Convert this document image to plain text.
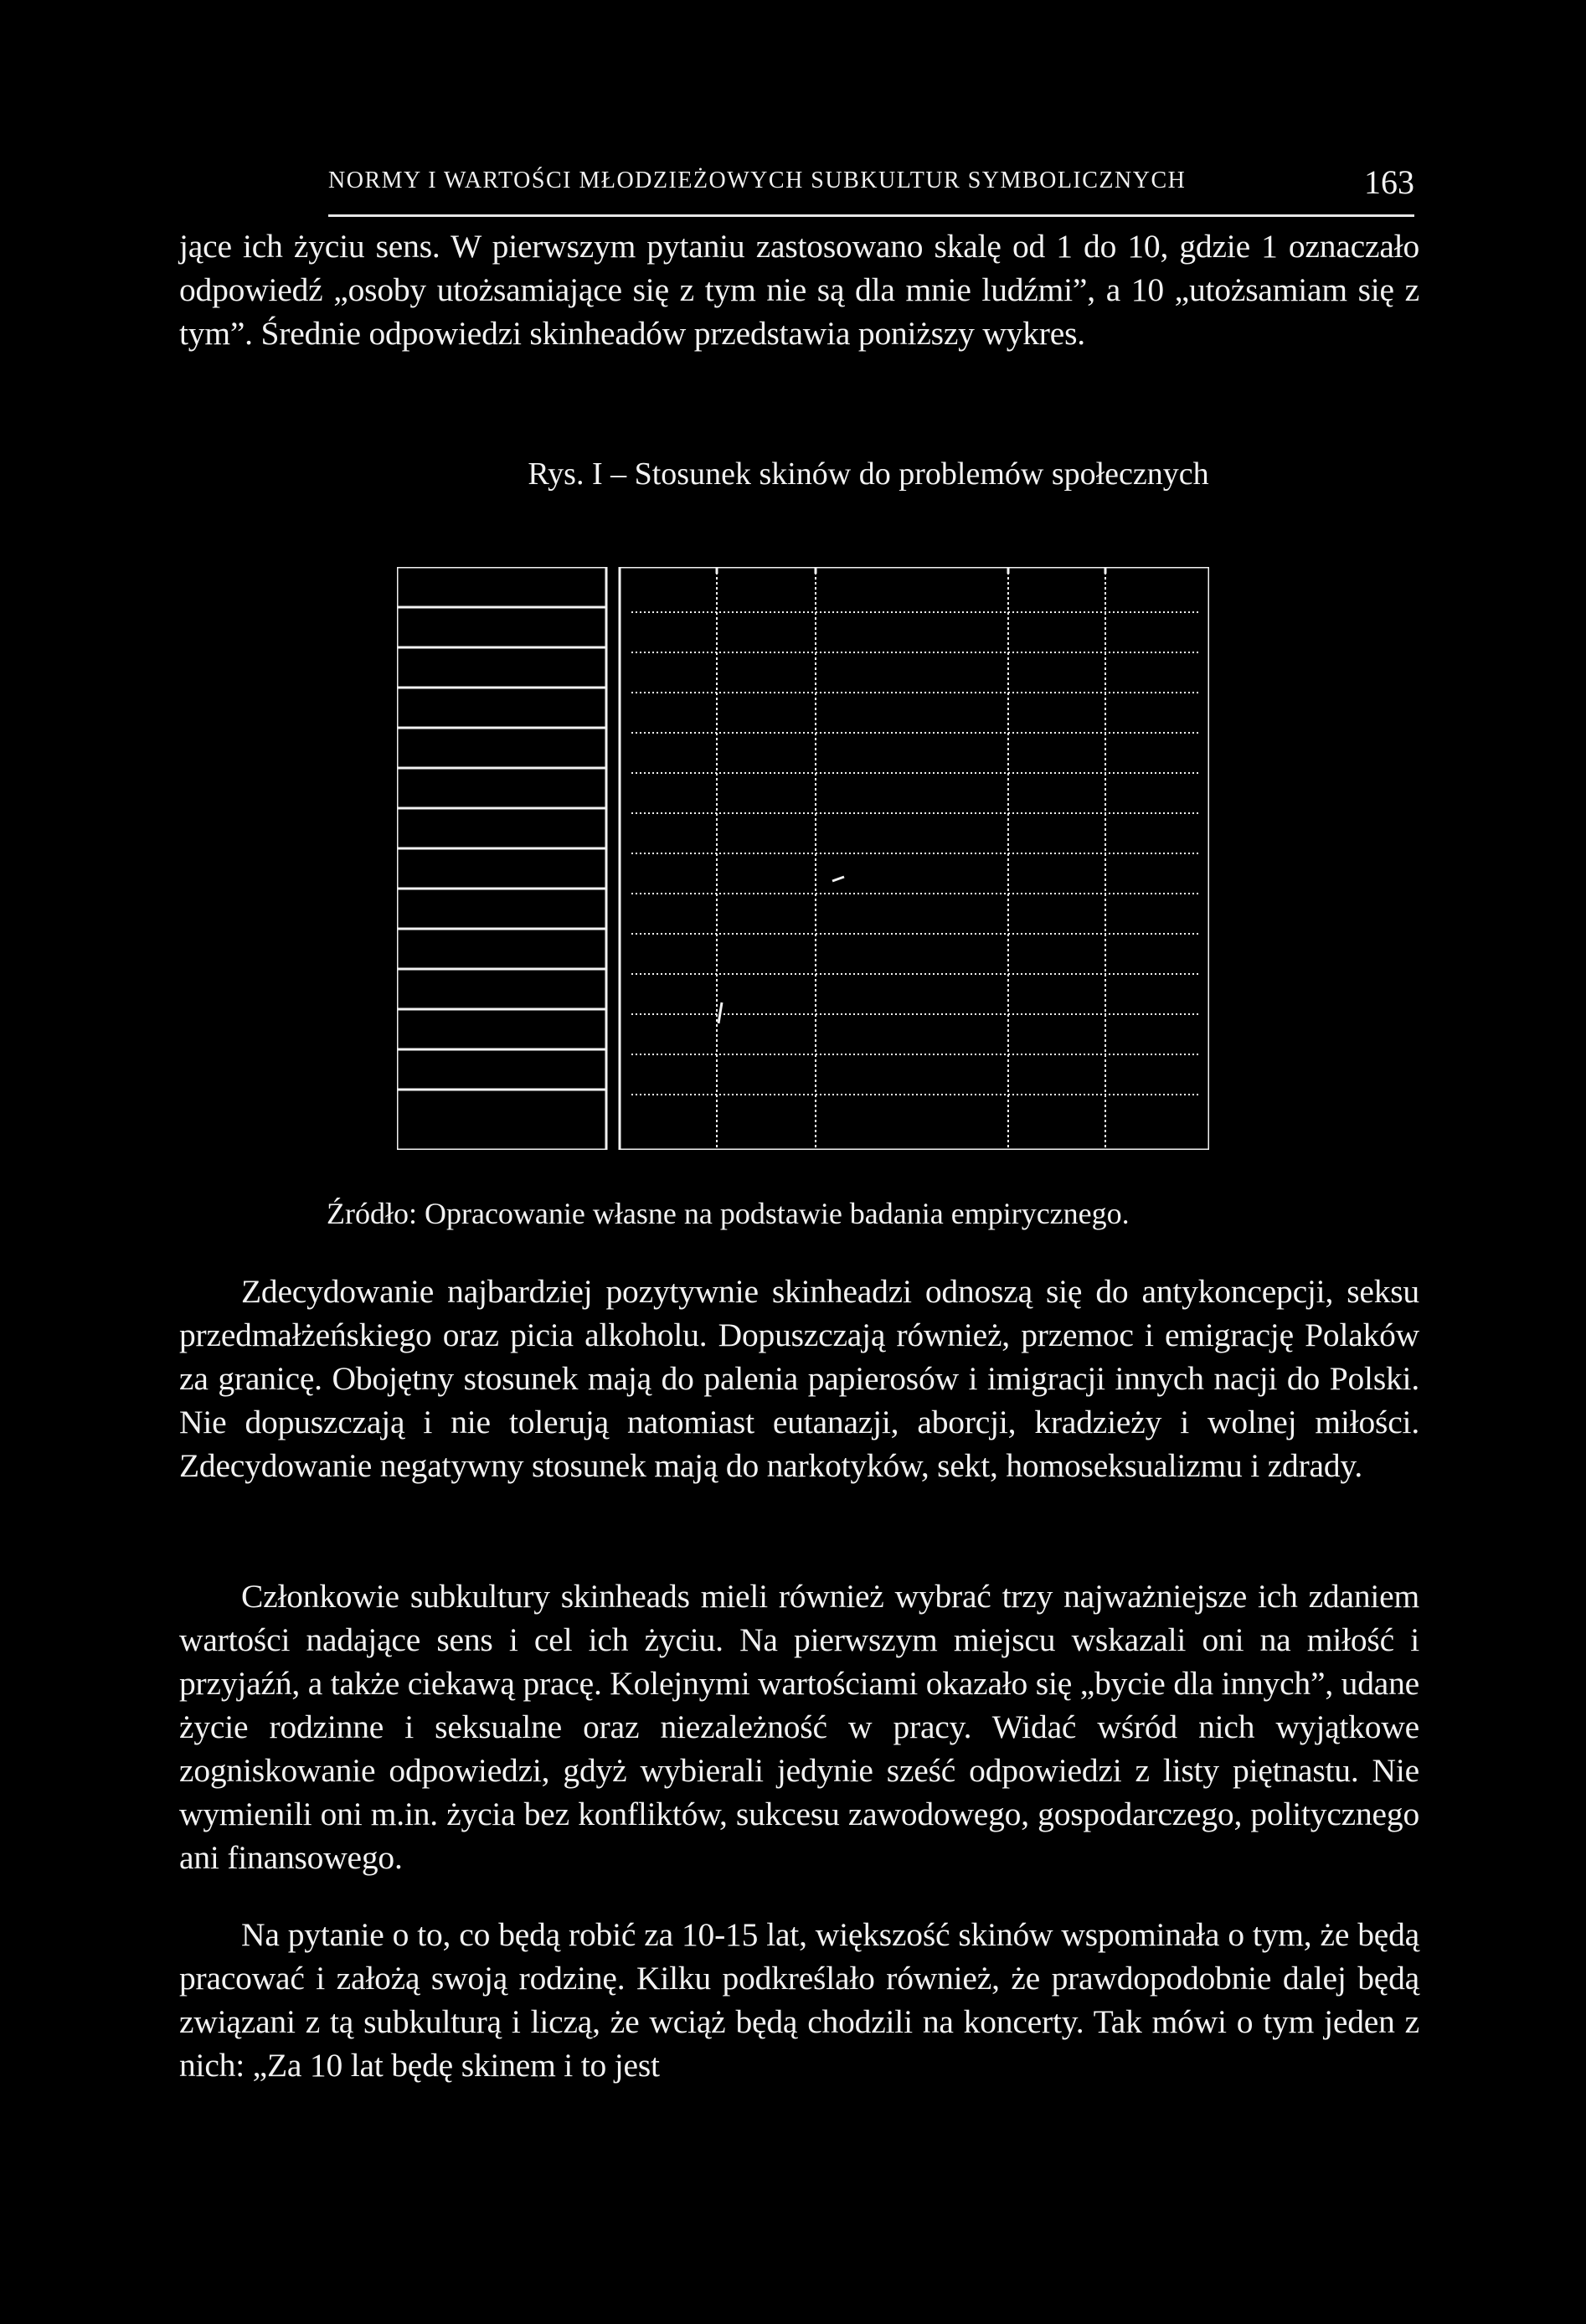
NORMY I WARTOŚCI MŁODZIEŻOWYCH SUBKULTUR SYMBOLICZNYCH	163

jące ich życiu sens. W pierwszym pytaniu zastosowano skalę od 1 do 10, gdzie 1 oznaczało odpowiedź „osoby utożsamiające się z tym nie są dla mnie ludźmi”, a 10 „utożsamiam się z tym”. Średnie odpowiedzi skinheadów przedstawia poniższy wykres.

Rys. I – Stosunek skinów do problemów społecznych
Źródło: Opracowanie własne na podstawie badania empirycznego.

Zdecydowanie najbardziej pozytywnie skinheadzi odnoszą się do antykoncepcji, seksu przedmałżeńskiego oraz picia alkoholu. Dopuszczają również, przemoc i emigrację Polaków za granicę. Obojętny stosunek mają do palenia papierosów i imigracji innych nacji do Polski. Nie dopuszczają i nie tolerują natomiast eutanazji, aborcji, kradzieży i wolnej miłości. Zdecydowanie negatywny stosunek mają do narkotyków, sekt, homoseksualizmu i zdrady.

Członkowie subkultury skinheads mieli również wybrać trzy najważniejsze ich zdaniem wartości nadające sens i cel ich życiu. Na pierwszym miejscu wskazali oni na miłość i przyjaźń, a także ciekawą pracę. Kolejnymi wartościami okazało się „bycie dla innych”, udane życie rodzinne i seksualne oraz niezależność w pracy. Widać wśród nich wyjątkowe zogniskowanie odpowiedzi, gdyż wybierali jedynie sześć odpowiedzi z listy piętnastu. Nie wymienili oni m.in. życia bez konfliktów, sukcesu zawodowego, gospodarczego, politycznego ani finansowego.

Na pytanie o to, co będą robić za 10-15 lat, większość skinów wspominała o tym, że będą pracować i założą swoją rodzinę. Kilku podkreślało również, że prawdopodobnie dalej będą związani z tą subkulturą i liczą, że wciąż będą chodzili na koncerty. Tak mówi o tym jeden z nich: „Za 10 lat będę skinem i to jest
